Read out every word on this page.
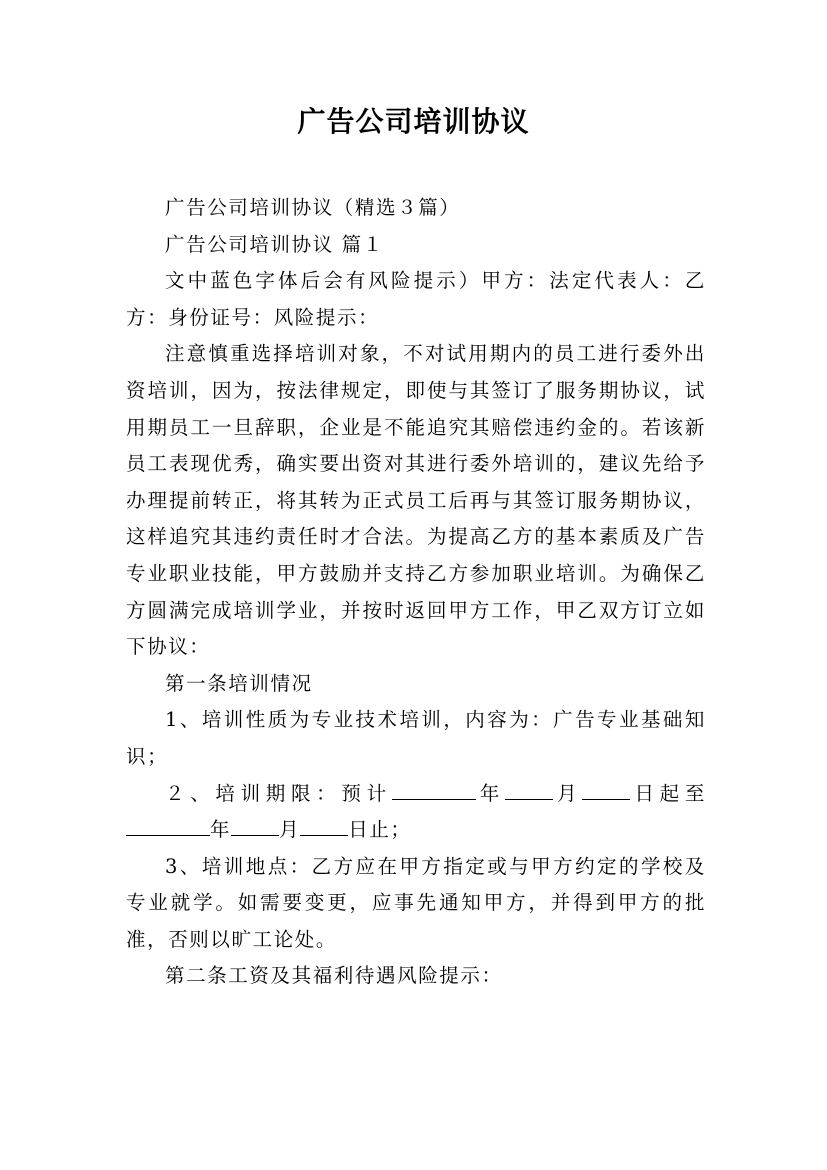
广告公司培训协议

广告公司培训协议（精选３篇）

广告公司培训协议 篇１

文中蓝色字体后会有风险提示）甲方：法定代表人：乙方：身份证号：风险提示：

注意慎重选择培训对象，不对试用期内的员工进行委外出资培训，因为，按法律规定，即使与其签订了服务期协议，试用期员工一旦辞职，企业是不能追究其赔偿违约金的。若该新员工表现优秀，确实要出资对其进行委外培训的，建议先给予办理提前转正，将其转为正式员工后再与其签订服务期协议，这样追究其违约责任时才合法。为提高乙方的基本素质及广告专业职业技能，甲方鼓励并支持乙方参加职业培训。为确保乙方圆满完成培训学业，并按时返回甲方工作，甲乙双方订立如下协议：

第一条培训情况

1、培训性质为专业技术培训，内容为：广告专业基础知识；

２、培训期限：预计	年 月 日起至年 月 日止；

3、培训地点：乙方应在甲方指定或与甲方约定的学校及专业就学。如需要变更，应事先通知甲方，并得到甲方的批准，否则以旷工论处。

第二条工资及其福利待遇风险提示：
